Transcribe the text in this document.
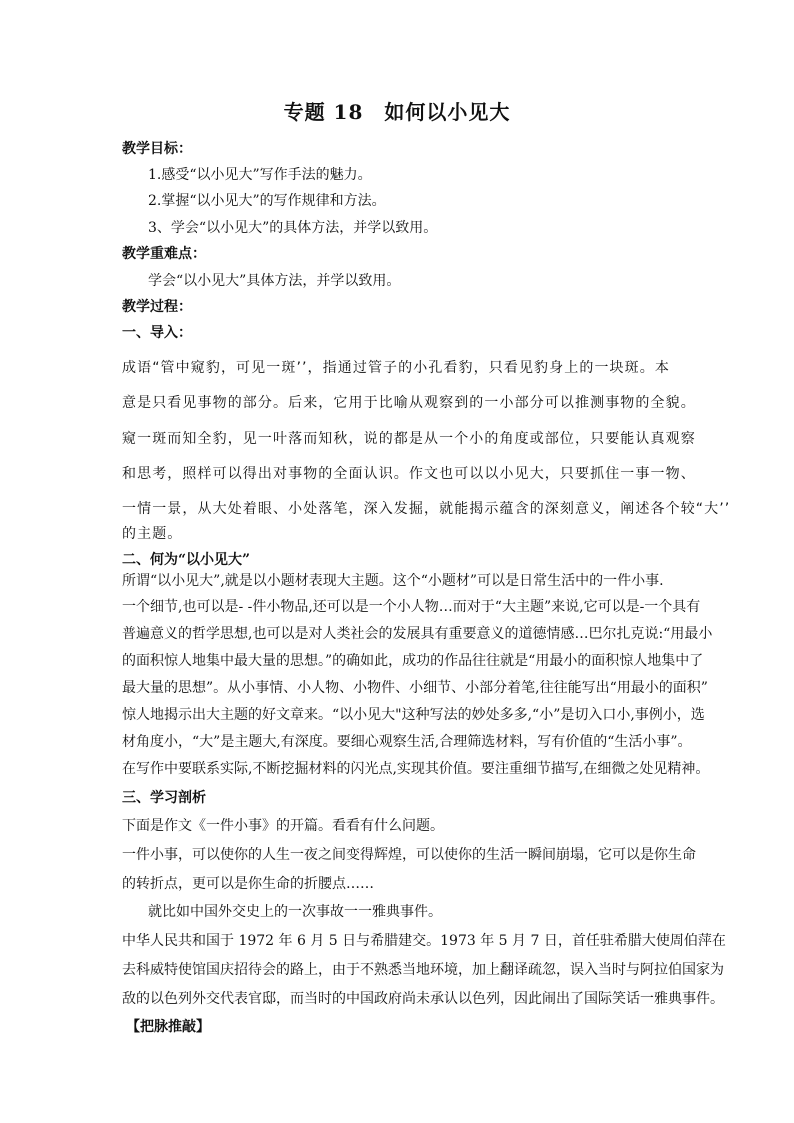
专题 18　如何以小见大
教学目标：
1.感受“以小见大”写作手法的魅力。
2.掌握“以小见大”的写作规律和方法。
3、学会“以小见大”的具体方法，并学以致用。
教学重难点：
学会“以小见大”具体方法，并学以致用。
教学过程：
一、导入：
成语“管中窥豹，可见一斑’’，指通过管子的小孔看豹，只看见豹身上的一块斑。本
意是只看见事物的部分。后来，它用于比喻从观察到的一小部分可以推测事物的全貌。
窥一斑而知全豹，见一叶落而知秋，说的都是从一个小的角度或部位，只要能认真观察
和思考，照样可以得出对事物的全面认识。作文也可以以小见大，只要抓住一事一物、
一情一景，从大处着眼、小处落笔，深入发掘，就能揭示蕴含的深刻意义，阐述各个较“大’’
的主题。
二、何为“以小见大”
所谓“以小见大”,就是以小题材表现大主题。这个“小题材”可以是日常生活中的一件小事.
一个细节,也可以是- -件小物品,还可以是一个小人物…而对于“大主题”来说,它可以是-一个具有
普遍意义的哲学思想,也可以是对人类社会的发展具有重要意义的道德情感…巴尔扎克说:“用最小
的面积惊人地集中最大量的思想。”的确如此，成功的作品往往就是“用最小的面积惊人地集中了
最大量的思想”。从小事情、小人物、小物件、小细节、小部分着笔,往往能写出“用最小的面积”
惊人地揭示出大主题的好文章来。“以小见大"这种写法的妙处多多,“小”是切入口小,事例小，选
材角度小，“大”是主题大,有深度。要细心观察生活,合理筛选材料，写有价值的“生活小事”。
在写作中要联系实际,不断挖掘材料的闪光点,实现其价值。要注重细节描写,在细微之处见精神。
三、学习剖析
下面是作文《一件小事》的开篇。看看有什么问题。
一件小事，可以使你的人生一夜之间变得辉煌，可以使你的生活一瞬间崩塌，它可以是你生命
的转折点，更可以是你生命的折腰点……
就比如中国外交史上的一次事故一一雅典事件。
中华人民共和国于 1972 年 6 月 5 日与希腊建交。1973 年 5 月 7 日，首任驻希腊大使周伯萍在
去科威特使馆国庆招待会的路上，由于不熟悉当地环境，加上翻译疏忽，误入当时与阿拉伯国家为
敌的以色列外交代表官邸，而当时的中国政府尚未承认以色列，因此闹出了国际笑话一雅典事件。
【把脉推敲】
